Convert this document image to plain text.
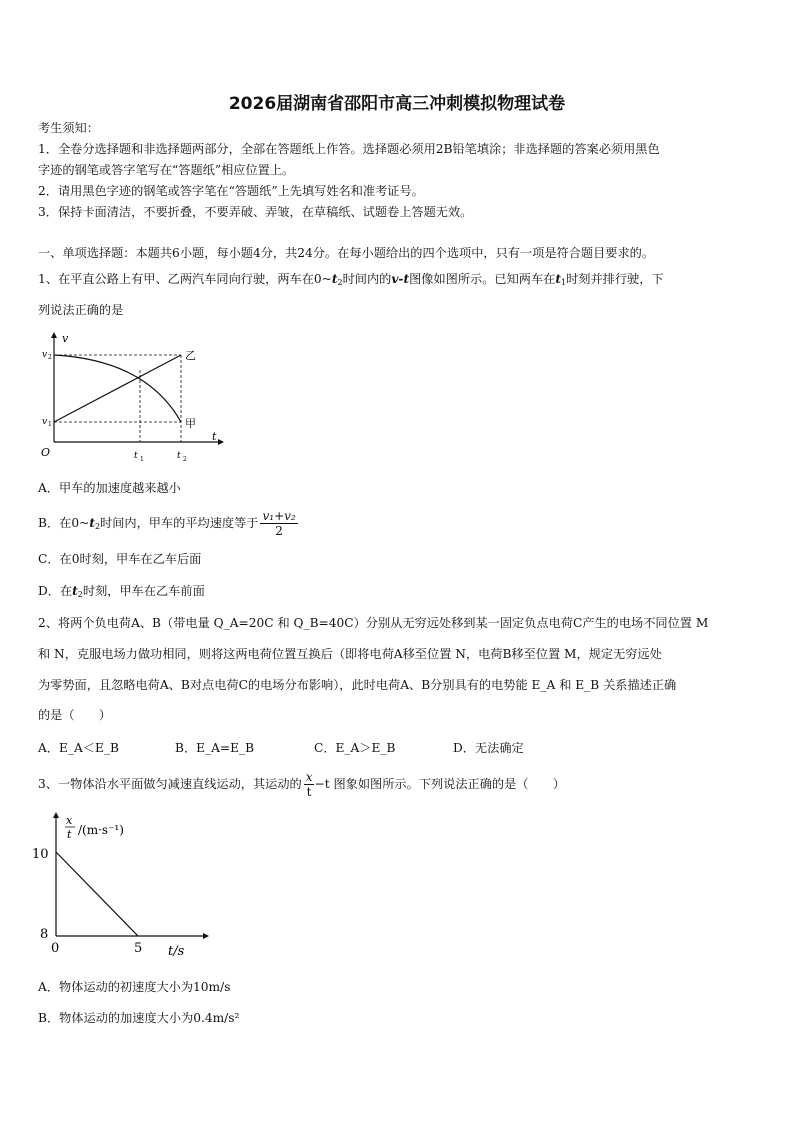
2026届湖南省邵阳市高三冲刺模拟物理试卷
考生须知：
1．全卷分选择题和非选择题两部分，全部在答题纸上作答。选择题必须用2B铅笔填涂；非选择题的答案必须用黑色
字迹的钢笔或答字笔写在“答题纸”相应位置上。
2．请用黑色字迹的钢笔或答字笔在“答题纸”上先填写姓名和准考证号。
3．保持卡面清洁，不要折叠，不要弄破、弄皱，在草稿纸、试题卷上答题无效。
一、单项选择题：本题共6小题，每小题4分，共24分。在每小题给出的四个选项中，只有一项是符合题目要求的。
1、在平直公路上有甲、乙两汽车同向行驶，两车在$0\sim t_2$时间内的v-t图像如图所示。已知两车在$t_1$时刻并排行驶，下
列说法正确的是
v
t
O
v 2
v 1
t 1	t 2
乙
甲
A．甲车的加速度越来越小
B．在$0\sim t_2$时间内，甲车的平均速度等于 $\frac{\text{v₁+v₂}}{2}$
C．在0时刻，甲车在乙车后面
D．在$t_2$时刻，甲车在乙车前面
2、将两个负电荷A、B（带电量 Q_A=20C 和 Q_B=40C）分别从无穷远处移到某一固定负点电荷C产生的电场不同位置 M
和 N，克服电场力做功相同，则将这两电荷位置互换后（即将电荷A移至位置 N，电荷B移至位置 M，规定无穷远处
为零势面，且忽略电荷A、B对点电荷C的电场分布影响），此时电荷A、B分别具有的电势能 E_A 和 E_B 关系描述正确
的是（　　）
A．E_A＜E_B	B．E_A=E_B	C．E_A＞E_B	D．无法确定
3、一物体沿水平面做匀减速直线运动，其运动的 $\frac{x}{t} -t$ 图象如图所示。下列说法正确的是（　　）
x
t /(m·s⁻¹)
10
8
0	5 t/s
A．物体运动的初速度大小为10m/s
B．物体运动的加速度大小为0.4m/s²
